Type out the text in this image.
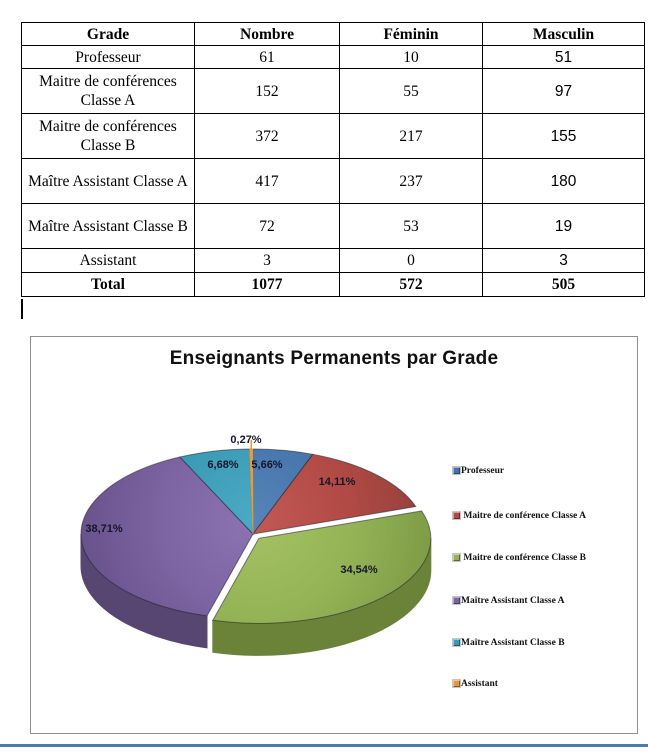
Grade	Nombre	Féminin	Masculin
Professeur	61	10	51
Maitre de conférences Classe A	152	55	97
Maitre de conférences Classe B	372	217	155
Maître Assistant Classe A	417	237	180
Maître Assistant Classe B	72	53	19
Assistant	3	0	3
Total	1077	572	505
Enseignants Permanents par Grade
5,66%
14,11%
34,54%
38,71%
6,68%
0,27%
Professeur
Maitre de conférence Classe A
Maitre de conférence Classe B
Maître Assistant Classe A
Maître Assistant Classe B
Assistant
